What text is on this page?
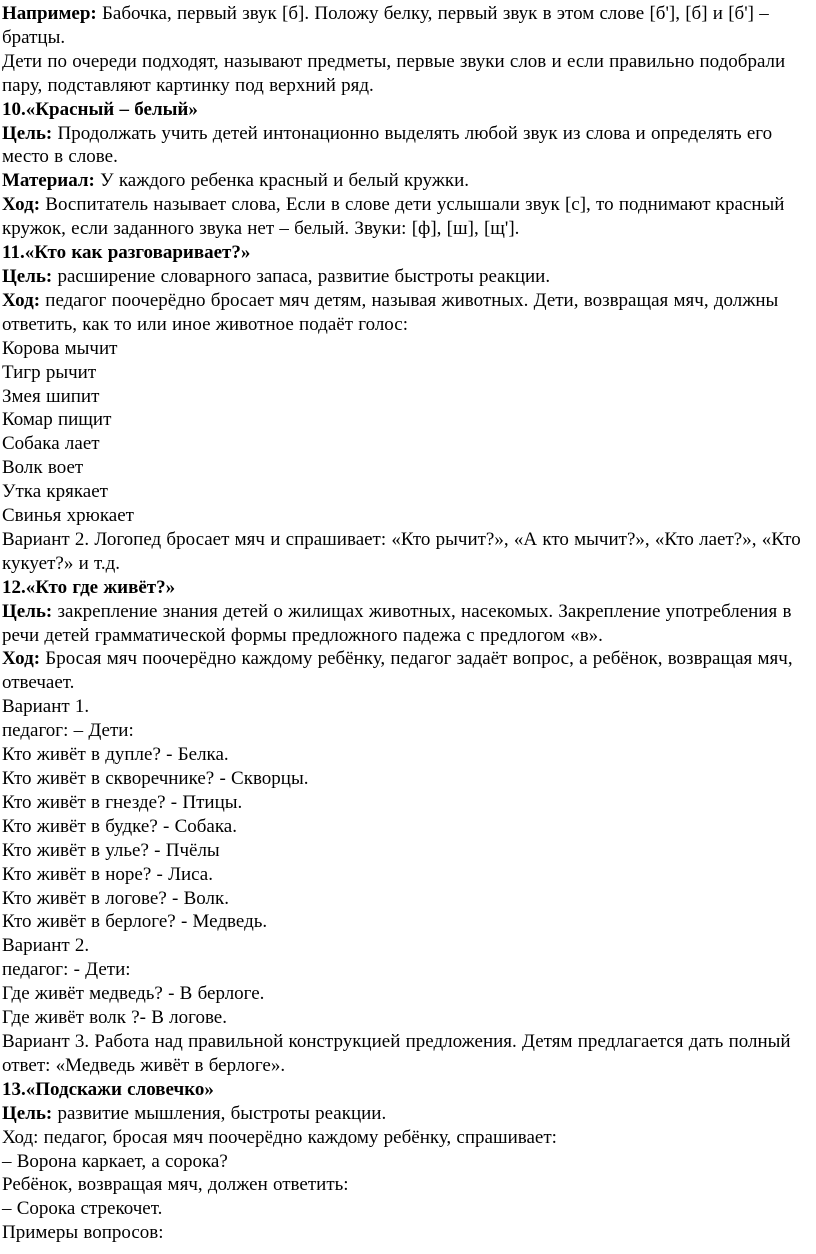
Например: Бабочка, первый звук [б]. Положу белку, первый звук в этом слове [б'], [б] и [б'] – братцы.

Дети по очереди подходят, называют предметы, первые звуки слов и если правильно подобрали пару, подставляют картинку под верхний ряд.

10.«Красный – белый»

Цель: Продолжать учить детей интонационно выделять любой звук из слова и определять его место в слове.

Материал: У каждого ребенка красный и белый кружки.

Ход: Воспитатель называет слова, Если в слове дети услышали звук [с], то поднимают красный кружок, если заданного звука нет – белый. Звуки: [ф], [ш], [щ'].

11.«Кто как разговаривает?»

Цель: расширение словарного запаса, развитие быстроты реакции.

Ход: педагог поочерёдно бросает мяч детям, называя животных. Дети, возвращая мяч, должны ответить, как то или иное животное подаёт голос:

Корова мычит

Тигр рычит

Змея шипит

Комар пищит

Собака лает

Волк воет

Утка крякает

Свинья хрюкает

Вариант 2. Логопед бросает мяч и спрашивает: «Кто рычит?», «А кто мычит?», «Кто лает?», «Кто кукует?» и т.д.

12.«Кто где живёт?»

Цель: закрепление знания детей о жилищах животных, насекомых. Закрепление употребления в речи детей грамматической формы предложного падежа с предлогом «в».

Ход: Бросая мяч поочерёдно каждому ребёнку, педагог задаёт вопрос, а ребёнок, возвращая мяч, отвечает.

Вариант 1.

педагог: – Дети:

Кто живёт в дупле? - Белка.

Кто живёт в скворечнике? - Скворцы.

Кто живёт в гнезде? - Птицы.

Кто живёт в будке? - Собака.

Кто живёт в улье? - Пчёлы

Кто живёт в норе? - Лиса.

Кто живёт в логове? - Волк.

Кто живёт в берлоге? - Медведь.

Вариант 2.

педагог: - Дети:

Где живёт медведь? - В берлоге.

Где живёт волк ?- В логове.

Вариант 3. Работа над правильной конструкцией предложения. Детям предлагается дать полный ответ: «Медведь живёт в берлоге».

13.«Подскажи словечко»

Цель: развитие мышления, быстроты реакции.

Ход: педагог, бросая мяч поочерёдно каждому ребёнку, спрашивает:

– Ворона каркает, а сорока?

Ребёнок, возвращая мяч, должен ответить:

– Сорока стрекочет.

Примеры вопросов:
